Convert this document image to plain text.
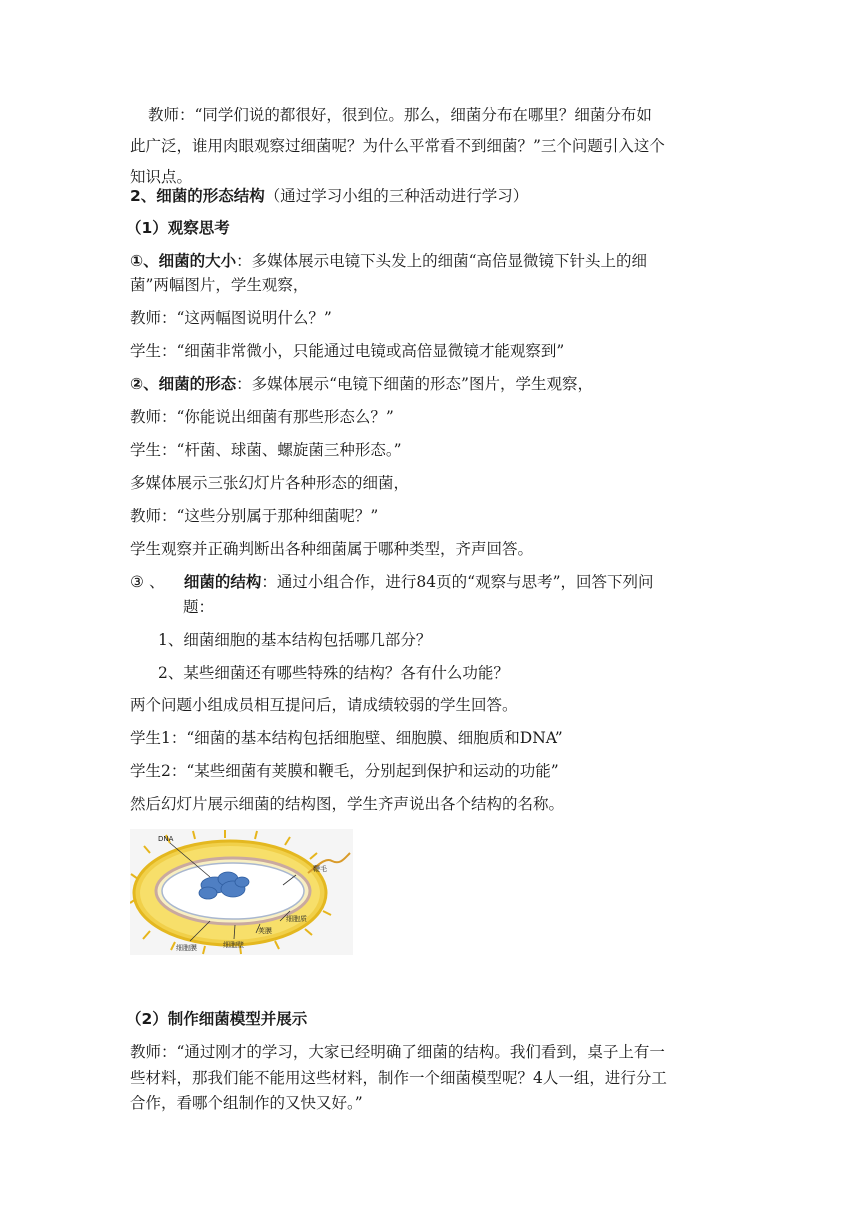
教师：“同学们说的都很好，很到位。那么，细菌分布在哪里？细菌分布如
此广泛，谁用肉眼观察过细菌呢？为什么平常看不到细菌？”三个问题引入这个
知识点。
2、细菌的形态结构（通过学习小组的三种活动进行学习）
（1）观察思考
①、细菌的大小：多媒体展示电镜下头发上的细菌“高倍显微镜下针头上的细
菌”两幅图片，学生观察，
教师：“这两幅图说明什么？”
学生：“细菌非常微小，只能通过电镜或高倍显微镜才能观察到”
②、细菌的形态：多媒体展示“电镜下细菌的形态”图片，学生观察，
教师：“你能说出细菌有那些形态么？”
学生：“杆菌、球菌、螺旋菌三种形态。”
多媒体展示三张幻灯片各种形态的细菌，
教师：“这些分别属于那种细菌呢？”
学生观察并正确判断出各种细菌属于哪种类型，齐声回答。
③ 、 细菌的结构：通过小组合作，进行84页的“观察与思考”，回答下列问
题：
1、细菌细胞的基本结构包括哪几部分？
2、某些细菌还有哪些特殊的结构？各有什么功能？
两个问题小组成员相互提问后，请成绩较弱的学生回答。
学生1：“细菌的基本结构包括细胞壁、细胞膜、细胞质和DNA”
学生2：“某些细菌有荚膜和鞭毛，分别起到保护和运动的功能”
然后幻灯片展示细菌的结构图，学生齐声说出各个结构的名称。
DNA
鞭毛
细胞质
荚膜
细胞壁
细胞膜
（2）制作细菌模型并展示
教师：“通过刚才的学习，大家已经明确了细菌的结构。我们看到，桌子上有一
些材料，那我们能不能用这些材料，制作一个细菌模型呢？4人一组，进行分工
合作，看哪个组制作的又快又好。”
